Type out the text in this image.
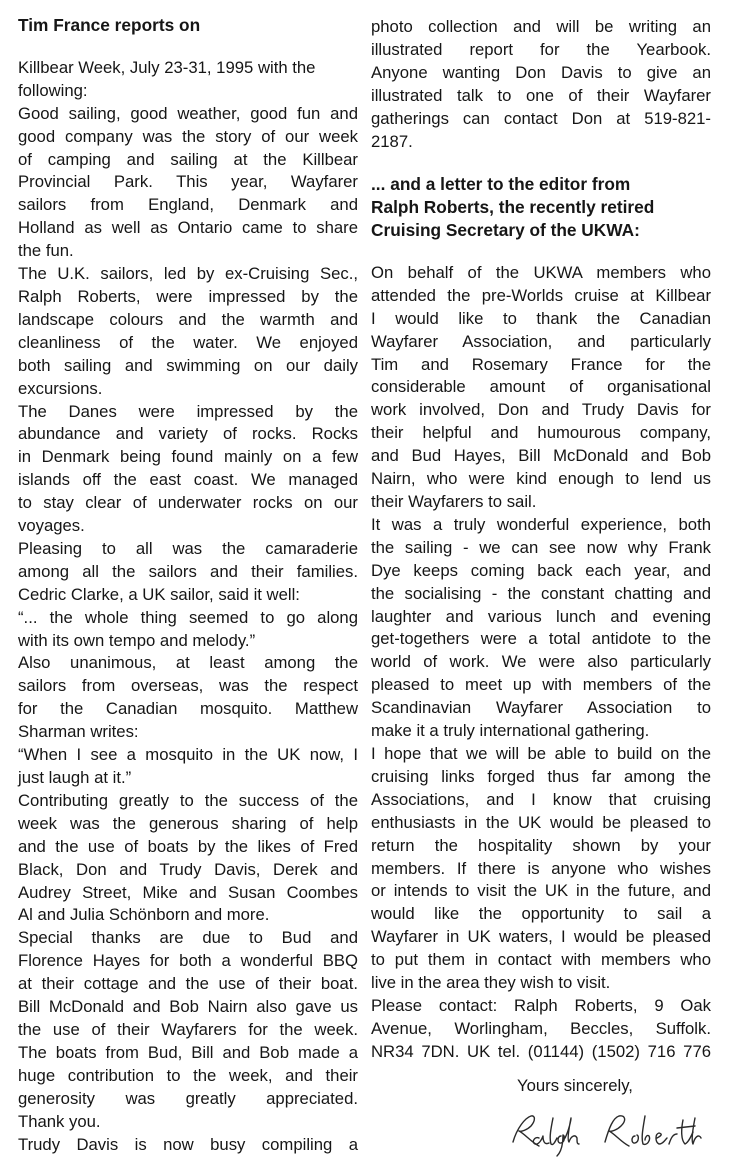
Tim France reports on
Killbear Week, July 23-31, 1995 with the
following:
Good sailing, good weather, good fun and
good company was the story of our week
of camping and sailing at the Killbear
Provincial Park. This year, Wayfarer
sailors from England, Denmark and
Holland as well as Ontario came to share
the fun.
The U.K. sailors, led by ex-Cruising Sec.,
Ralph Roberts, were impressed by the
landscape colours and the warmth and
cleanliness of the water. We enjoyed
both sailing and swimming on our daily
excursions.
The Danes were impressed by the
abundance and variety of rocks. Rocks
in Denmark being found mainly on a few
islands off the east coast. We managed
to stay clear of underwater rocks on our
voyages.
Pleasing to all was the camaraderie
among all the sailors and their families.
Cedric Clarke, a UK sailor, said it well:
“... the whole thing seemed to go along
with its own tempo and melody.”
Also unanimous, at least among the
sailors from overseas, was the respect
for the Canadian mosquito. Matthew
Sharman writes:
“When I see a mosquito in the UK now, I
just laugh at it.”
Contributing greatly to the success of the
week was the generous sharing of help
and the use of boats by the likes of Fred
Black, Don and Trudy Davis, Derek and
Audrey Street, Mike and Susan Coombes
Al and Julia Schönborn and more.
Special thanks are due to Bud and
Florence Hayes for both a wonderful BBQ
at their cottage and the use of their boat.
Bill McDonald and Bob Nairn also gave us
the use of their Wayfarers for the week.
The boats from Bud, Bill and Bob made a
huge contribution to the week, and their
generosity was greatly appreciated.
Thank you.
Trudy Davis is now busy compiling a
photo collection and will be writing an
illustrated report for the Yearbook.
Anyone wanting Don Davis to give an
illustrated talk to one of their Wayfarer
gatherings can contact Don at 519-821-
2187.
... and a letter to the editor from
Ralph Roberts, the recently retired
Cruising Secretary of the UKWA:
On behalf of the UKWA members who
attended the pre-Worlds cruise at Killbear
I would like to thank the Canadian
Wayfarer Association, and particularly
Tim and Rosemary France for the
considerable amount of organisational
work involved, Don and Trudy Davis for
their helpful and humourous company,
and Bud Hayes, Bill McDonald and Bob
Nairn, who were kind enough to lend us
their Wayfarers to sail.
It was a truly wonderful experience, both
the sailing - we can see now why Frank
Dye keeps coming back each year, and
the socialising - the constant chatting and
laughter and various lunch and evening
get-togethers were a total antidote to the
world of work. We were also particularly
pleased to meet up with members of the
Scandinavian Wayfarer Association to
make it a truly international gathering.
I hope that we will be able to build on the
cruising links forged thus far among the
Associations, and I know that cruising
enthusiasts in the UK would be pleased to
return the hospitality shown by your
members. If there is anyone who wishes
or intends to visit the UK in the future, and
would like the opportunity to sail a
Wayfarer in UK waters, I would be pleased
to put them in contact with members who
live in the area they wish to visit.
Please contact: Ralph Roberts, 9 Oak
Avenue, Worlingham, Beccles, Suffolk.
NR34 7DN. UK tel. (01144) (1502) 716 776
Yours sincerely,
